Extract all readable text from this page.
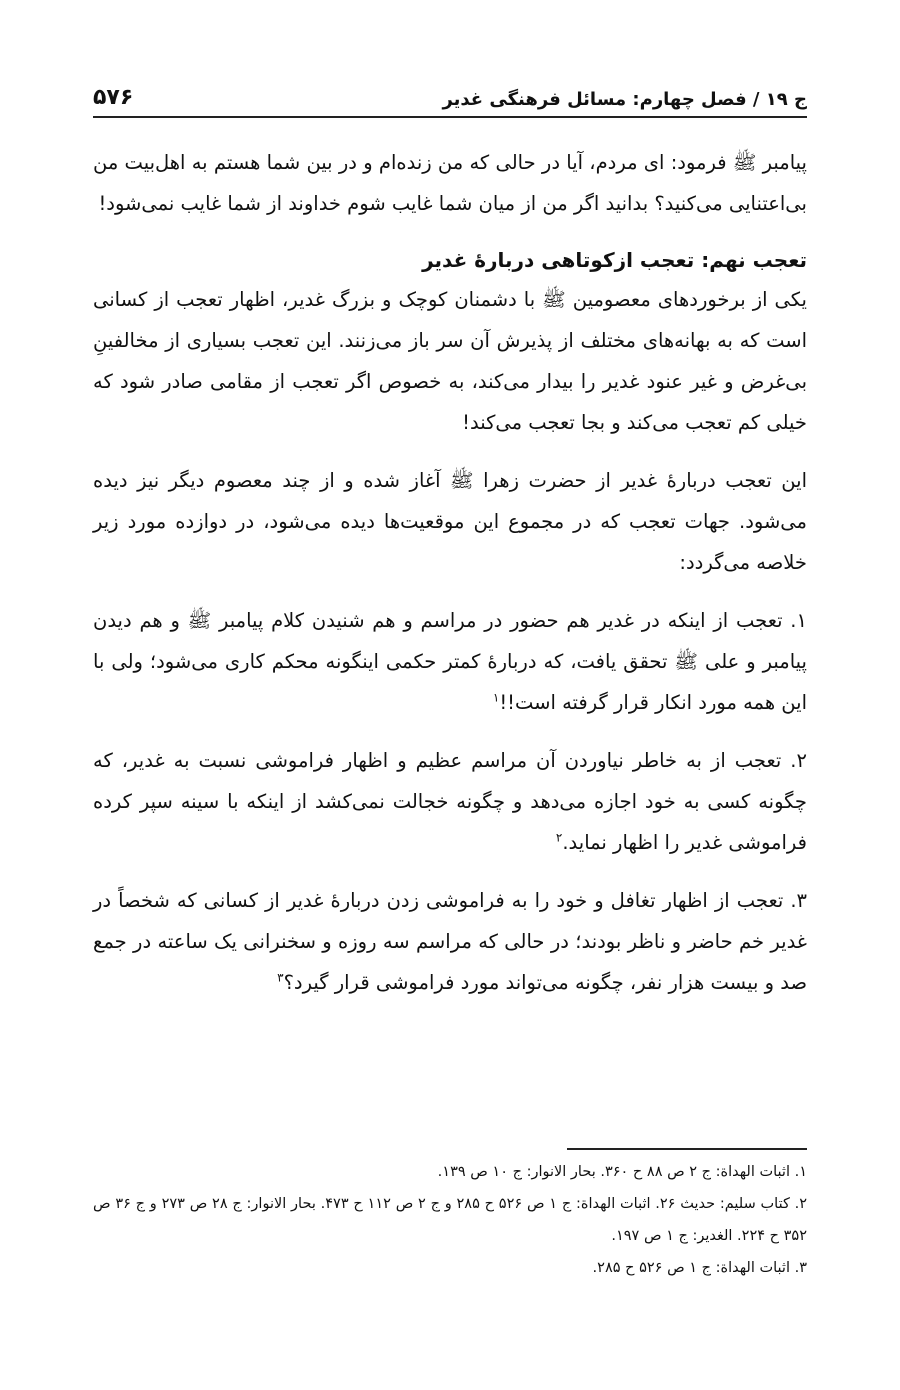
ج ۱۹ / فصل چهارم: مسائل فرهنگی غدیر
۵۷۶

پیامبر ﷺ فرمود: ای مردم، آیا در حالی که من زنده‌ام و در بین شما هستم به اهل‌بیت من بی‌اعتنایی می‌کنید؟ بدانید اگر من از میان شما غایب شوم خداوند از شما غایب نمی‌شود!

تعجب نهم: تعجب ازکوتاهی دربارهٔ غدیر

یکی از برخوردهای معصومین ﷺ با دشمنان کوچک و بزرگ غدیر، اظهار تعجب از کسانی است که به بهانه‌های مختلف از پذیرش آن سر باز می‌زنند. این تعجب بسیاری از مخالفینِ بی‌غرض و غیر عنود غدیر را بیدار می‌کند، به خصوص اگر تعجب از مقامی صادر شود که خیلی کم تعجب می‌کند و بجا تعجب می‌کند!

این تعجب دربارهٔ غدیر از حضرت زهرا ﷺ آغاز شده و از چند معصوم دیگر نیز دیده می‌شود. جهات تعجب که در مجموع این موقعیت‌ها دیده می‌شود، در دوازده مورد زیر خلاصه می‌گردد:

۱. تعجب از اینکه در غدیر هم حضور در مراسم و هم شنیدن کلام پیامبر ﷺ و هم دیدن پیامبر و علی ﷺ تحقق یافت، که دربارهٔ کمتر حکمی اینگونه محکم کاری می‌شود؛ ولی با این همه مورد انکار قرار گرفته است!!$^۱$

۲. تعجب از به خاطر نیاوردن آن مراسم عظیم و اظهار فراموشی نسبت به غدیر، که چگونه کسی به خود اجازه می‌دهد و چگونه خجالت نمی‌کشد از اینکه با سینه سپر کرده فراموشی غدیر را اظهار نماید.$^۲$

۳. تعجب از اظهار تغافل و خود را به فراموشی زدن دربارهٔ غدیر از کسانی که شخصاً در غدیر خم حاضر و ناظر بودند؛ در حالی که مراسم سه روزه و سخنرانی یک ساعته در جمع صد و بیست هزار نفر، چگونه می‌تواند مورد فراموشی قرار گیرد؟$^۳$

۱. اثبات الهداة: ج ۲ ص ۸۸ ح ۳۶۰. بحار الانوار: ج ۱۰ ص ۱۳۹.

۲. کتاب سلیم: حدیث ۲۶. اثبات الهداة: ج ۱ ص ۵۲۶ ح ۲۸۵ و ج ۲ ص ۱۱۲ ح ۴۷۳. بحار الانوار: ج ۲۸ ص ۲۷۳ و ج ۳۶ ص ۳۵۲ ح ۲۲۴. الغدیر: ج ۱ ص ۱۹۷.

۳. اثبات الهداة: ج ۱ ص ۵۲۶ ح ۲۸۵.
